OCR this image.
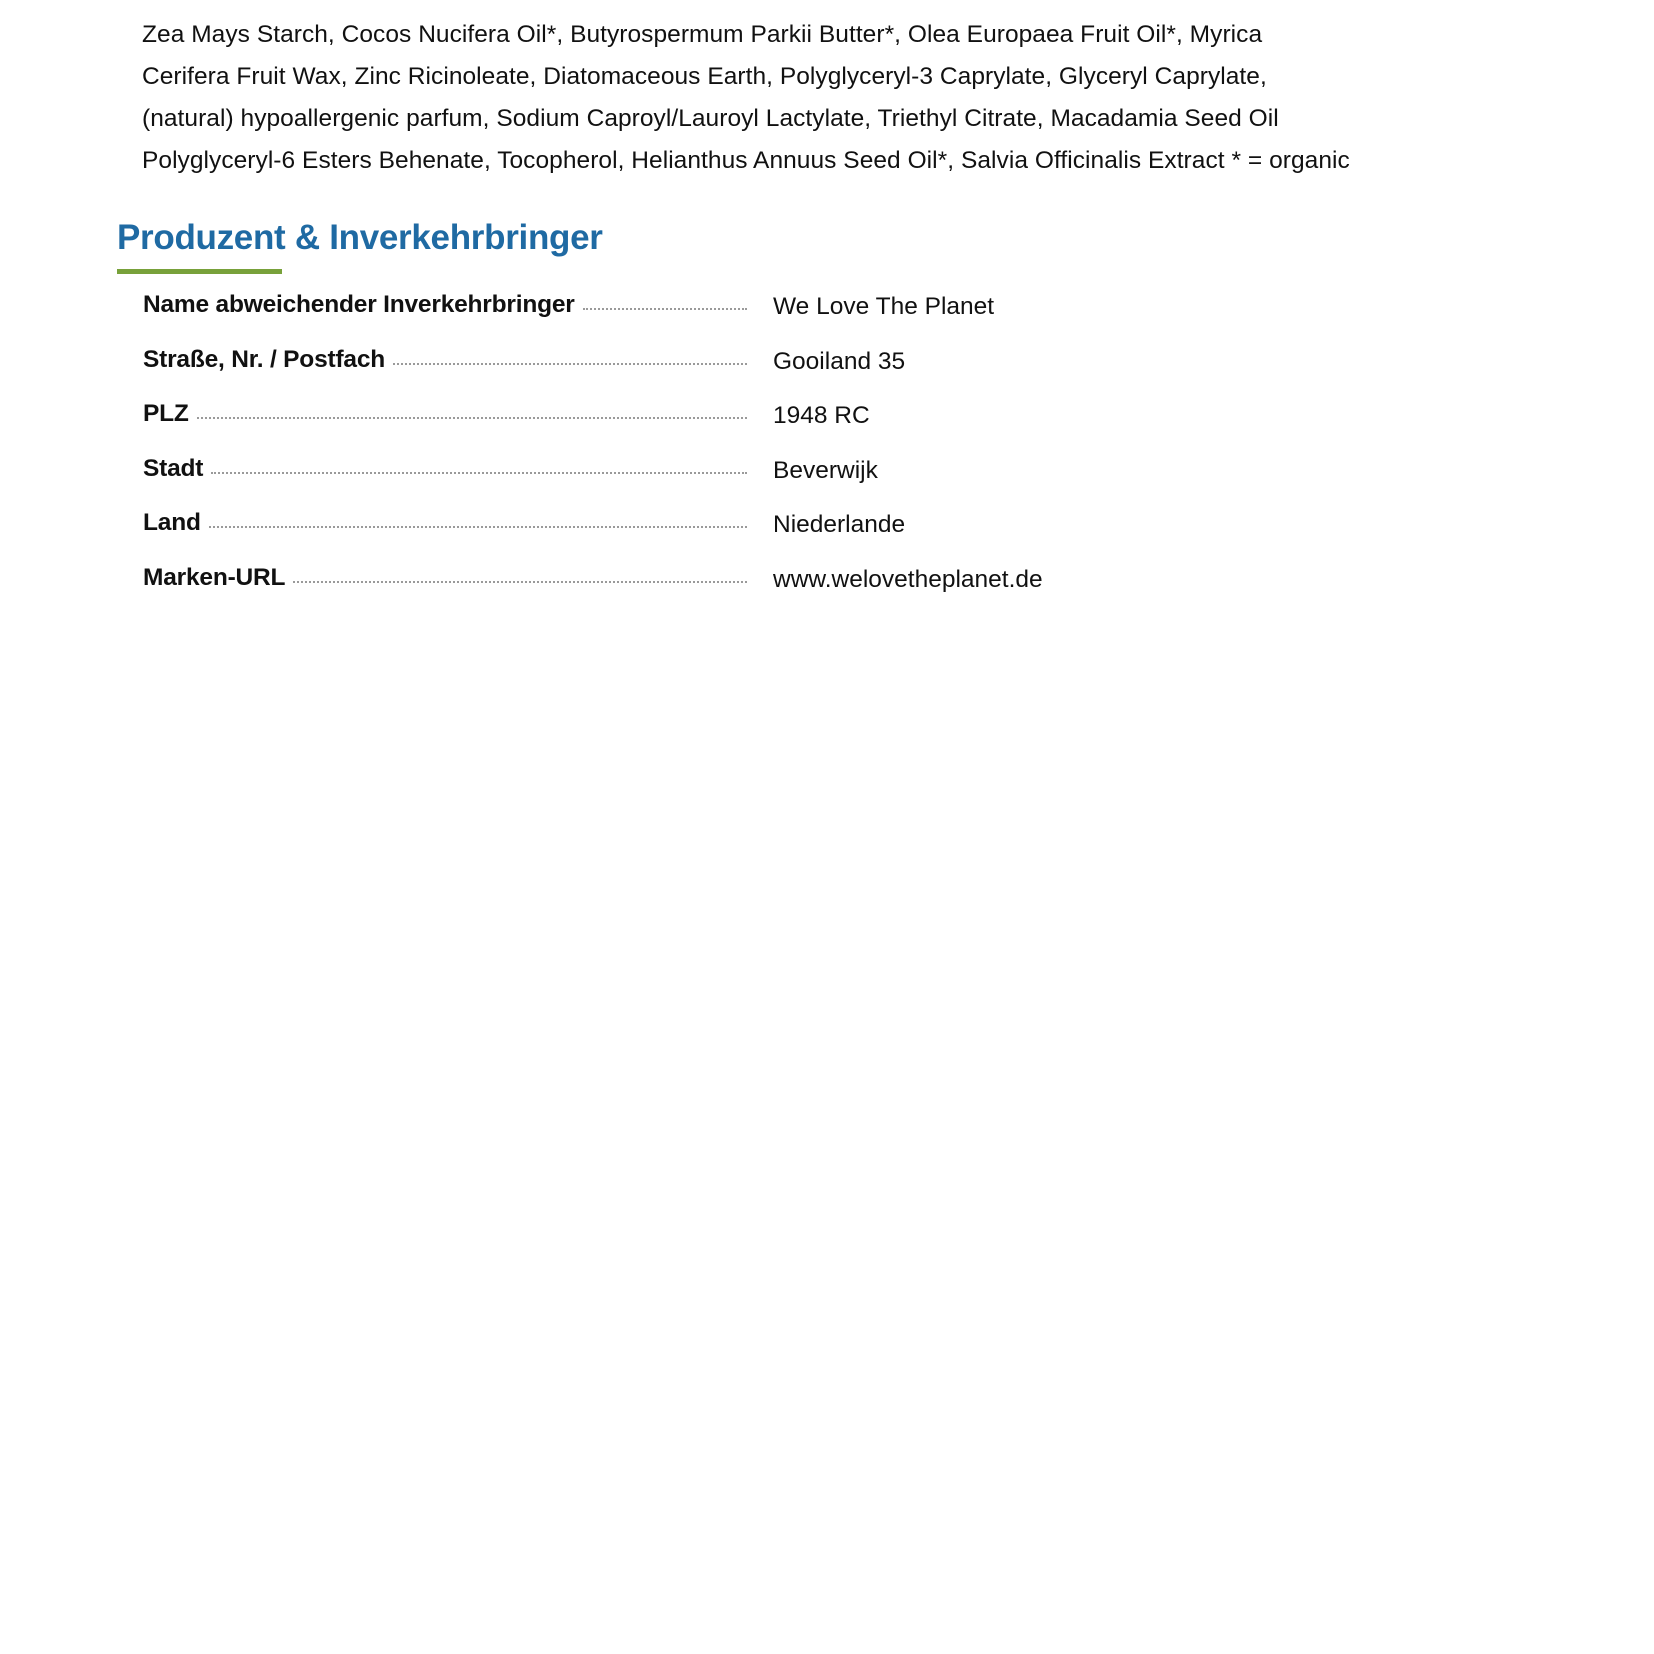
Zea Mays Starch, Cocos Nucifera Oil*, Butyrospermum Parkii Butter*, Olea Europaea Fruit Oil*, Myrica
Cerifera Fruit Wax, Zinc Ricinoleate, Diatomaceous Earth, Polyglyceryl-3 Caprylate, Glyceryl Caprylate,
(natural) hypoallergenic parfum, Sodium Caproyl/Lauroyl Lactylate, Triethyl Citrate, Macadamia Seed Oil
Polyglyceryl-6 Esters Behenate, Tocopherol, Helianthus Annuus Seed Oil*, Salvia Officinalis Extract * = organic
Produzent & Inverkehrbringer
Name abweichender Inverkehrbringer	We Love The Planet
Straße, Nr. / Postfach	Gooiland 35
PLZ	1948 RC
Stadt	Beverwijk
Land	Niederlande
Marken-URL	www.welovetheplanet.de
